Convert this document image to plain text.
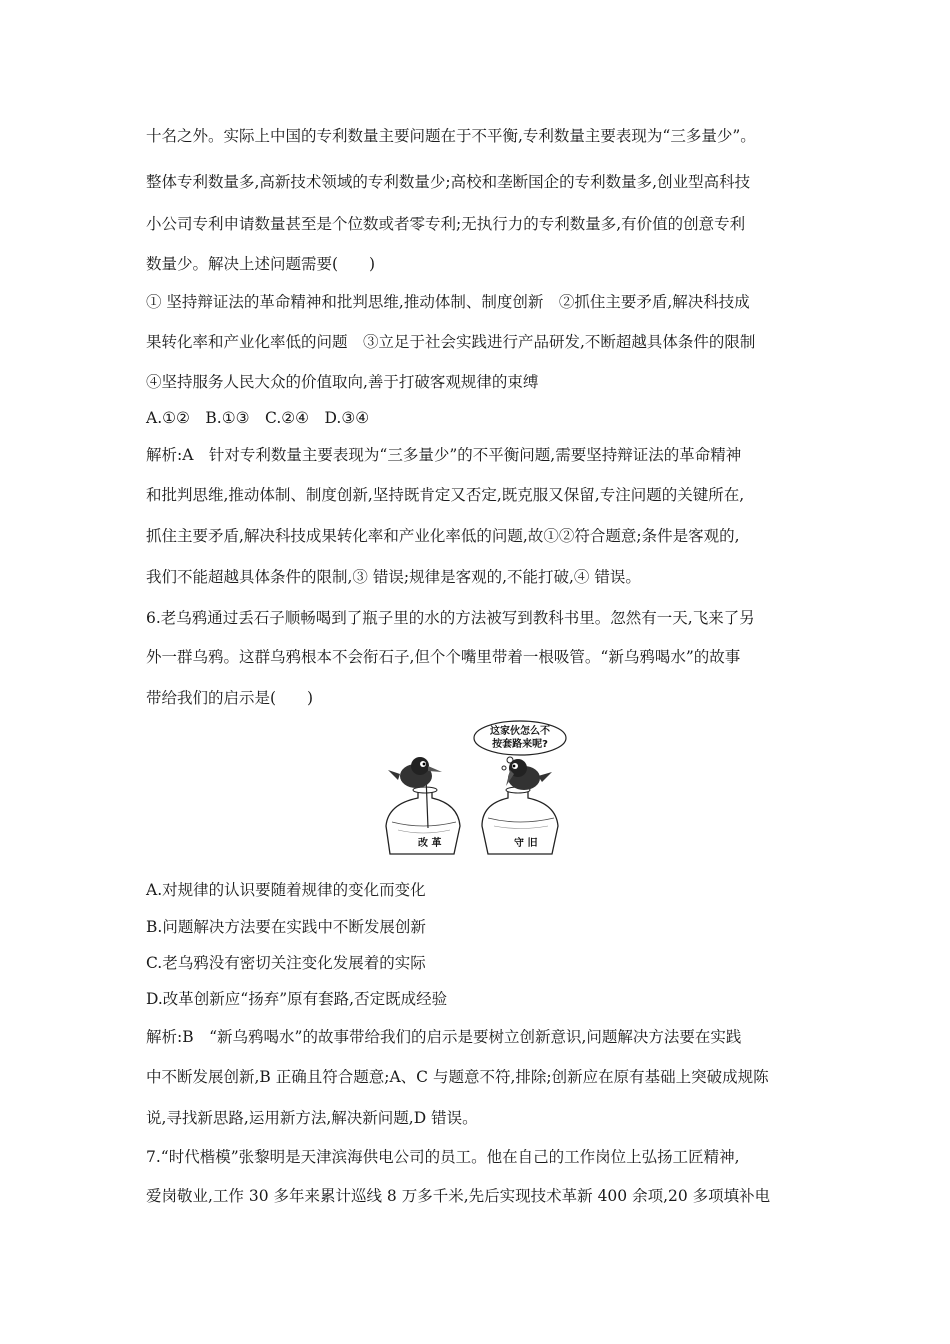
十名之外。实际上中国的专利数量主要问题在于不平衡,专利数量主要表现为“三多量少”。
整体专利数量多,高新技术领域的专利数量少;高校和垄断国企的专利数量多,创业型高科技
小公司专利申请数量甚至是个位数或者零专利;无执行力的专利数量多,有价值的创意专利
数量少。解决上述问题需要(　　)
① 坚持辩证法的革命精神和批判思维,推动体制、制度创新　②抓住主要矛盾,解决科技成
果转化率和产业化率低的问题　③立足于社会实践进行产品研发,不断超越具体条件的限制
④坚持服务人民大众的价值取向,善于打破客观规律的束缚
A.①②　B.①③　C.②④　D.③④
解析:A　针对专利数量主要表现为“三多量少”的不平衡问题,需要坚持辩证法的革命精神
和批判思维,推动体制、制度创新,坚持既肯定又否定,既克服又保留,专注问题的关键所在,
抓住主要矛盾,解决科技成果转化率和产业化率低的问题,故①②符合题意;条件是客观的,
我们不能超越具体条件的限制,③ 错误;规律是客观的,不能打破,④ 错误。
6.老乌鸦通过丢石子顺畅喝到了瓶子里的水的方法被写到教科书里。忽然有一天,飞来了另
外一群乌鸦。这群乌鸦根本不会衔石子,但个个嘴里带着一根吸管。“新乌鸦喝水”的故事
带给我们的启示是(　　)
这家伙怎么不
按套路来呢?
改 革	守 旧
A.对规律的认识要随着规律的变化而变化
B.问题解决方法要在实践中不断发展创新
C.老乌鸦没有密切关注变化发展着的实际
D.改革创新应“扬弃”原有套路,否定既成经验
解析:B　“新乌鸦喝水”的故事带给我们的启示是要树立创新意识,问题解决方法要在实践
中不断发展创新,B 正确且符合题意;A、C 与题意不符,排除;创新应在原有基础上突破成规陈
说,寻找新思路,运用新方法,解决新问题,D 错误。
7.“时代楷模”张黎明是天津滨海供电公司的员工。他在自己的工作岗位上弘扬工匠精神,
爱岗敬业,工作 30 多年来累计巡线 8 万多千米,先后实现技术革新 400 余项,20 多项填补电
